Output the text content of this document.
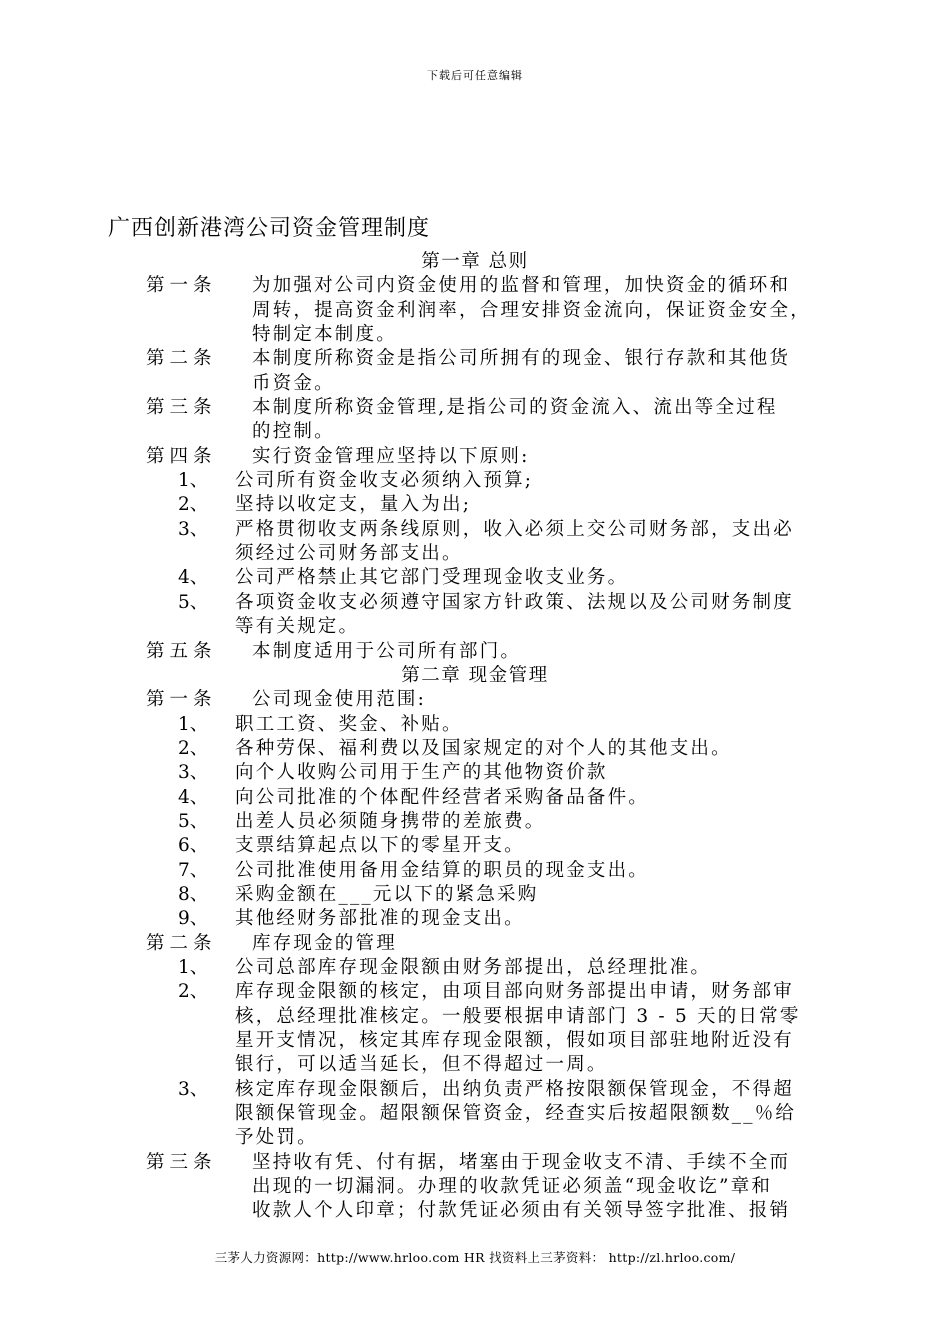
下载后可任意编辑
广西创新港湾公司资金管理制度
第一章 总则
第一条 为加强对公司内资金使用的监督和管理，加快资金的循环和
周转，提高资金利润率，合理安排资金流向，保证资金安全，
特制定本制度。
第二条 本制度所称资金是指公司所拥有的现金、银行存款和其他货
币资金。
第三条 本制度所称资金管理,是指公司的资金流入、流出等全过程
的控制。
第四条 实行资金管理应坚持以下原则:
1、 公司所有资金收支必须纳入预算;
2、 坚持以收定支，量入为出;
3、 严格贯彻收支两条线原则，收入必须上交公司财务部，支出必
须经过公司财务部支出。
4、 公司严格禁止其它部门受理现金收支业务。
5、 各项资金收支必须遵守国家方针政策、法规以及公司财务制度
等有关规定。
第五条 本制度适用于公司所有部门。
第二章 现金管理
第一条 公司现金使用范围:
1、 职工工资、奖金、补贴。
2、 各种劳保、福利费以及国家规定的对个人的其他支出。
3、 向个人收购公司用于生产的其他物资价款
4、 向公司批准的个体配件经营者采购备品备件。
5、 出差人员必须随身携带的差旅费。
6、 支票结算起点以下的零星开支。
7、 公司批准使用备用金结算的职员的现金支出。
8、 采购金额在___元以下的紧急采购
9、 其他经财务部批准的现金支出。
第二条 库存现金的管理
1、 公司总部库存现金限额由财务部提出，总经理批准。
2、 库存现金限额的核定，由项目部向财务部提出申请，财务部审
核，总经理批准核定。一般要根据申请部门 3 - 5 天的日常零
星开支情况，核定其库存现金限额，假如项目部驻地附近没有
银行，可以适当延长，但不得超过一周。
3、 核定库存现金限额后，出纳负责严格按限额保管现金，不得超
限额保管现金。超限额保管资金，经查实后按超限额数__％给
予处罚。
第三条 坚持收有凭、付有据，堵塞由于现金收支不清、手续不全而
出现的一切漏洞。办理的收款凭证必须盖“现金收讫”章和
收款人个人印章；付款凭证必须由有关领导签字批准、报销
三茅人力资源网：http://www.hrloo.com HR 找资料上三茅资料： http://zl.hrloo.com/
